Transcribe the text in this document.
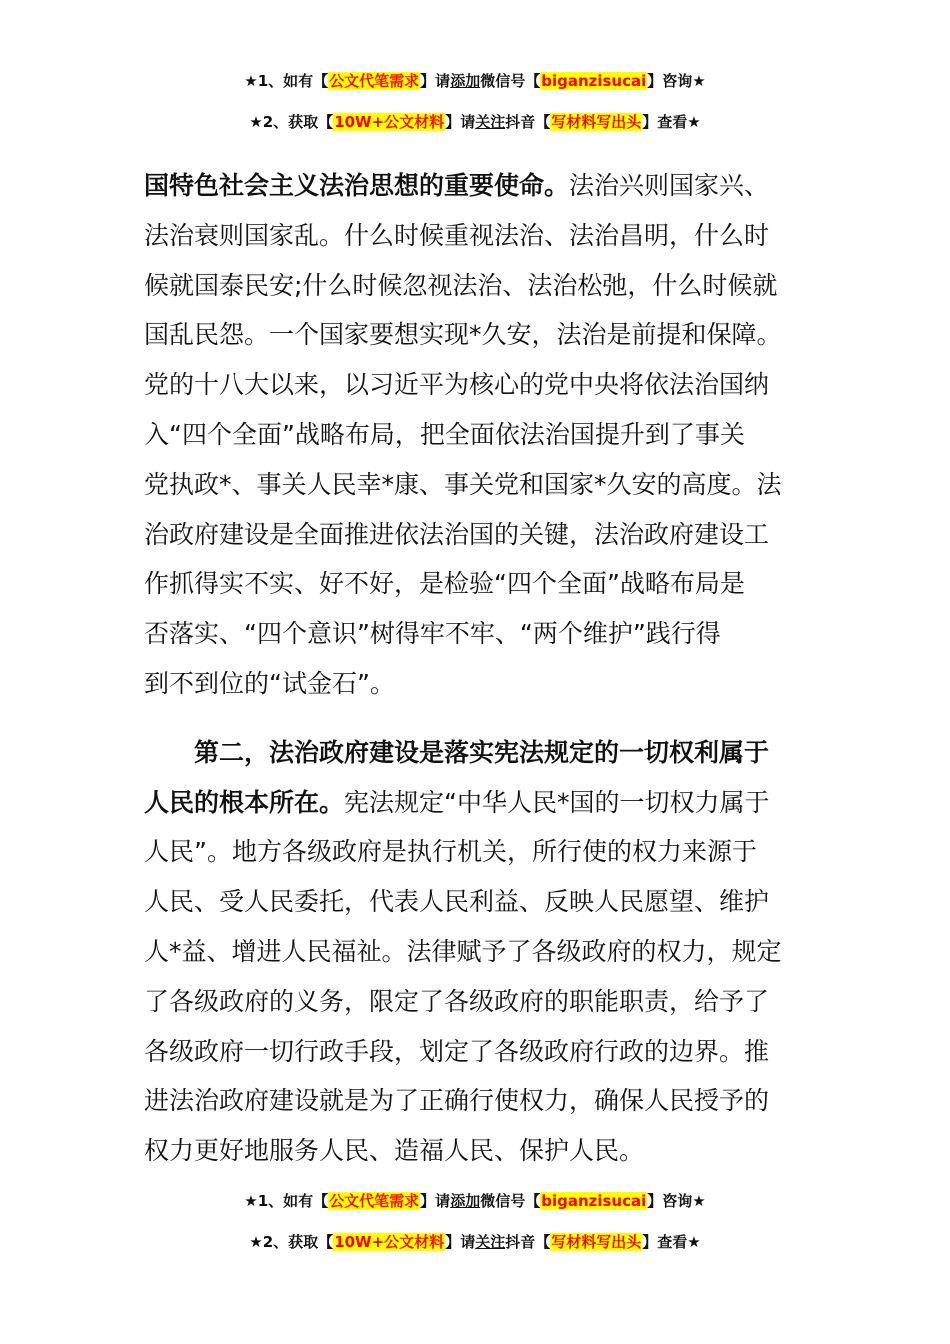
★1、如有【公文代笔需求】请添加微信号【biganzisucai】咨询★
★2、获取【10W+公文材料】请关注抖音【写材料写出头】查看★

国特色社会主义法治思想的重要使命。法治兴则国家兴、
法治衰则国家乱。什么时候重视法治、法治昌明，什么时
候就国泰民安;什么时候忽视法治、法治松弛，什么时候就
国乱民怨。一个国家要想实现*久安，法治是前提和保障。
党的十八大以来，以习近平为核心的党中央将依法治国纳
入“四个全面”战略布局，把全面依法治国提升到了事关
党执政*、事关人民幸*康、事关党和国家*久安的高度。法
治政府建设是全面推进依法治国的关键，法治政府建设工
作抓得实不实、好不好，是检验“四个全面”战略布局是
否落实、“四个意识”树得牢不牢、“两个维护”践行得
到不到位的“试金石”。

第二，法治政府建设是落实宪法规定的一切权利属于
人民的根本所在。宪法规定“中华人民*国的一切权力属于
人民”。地方各级政府是执行机关，所行使的权力来源于
人民、受人民委托，代表人民利益、反映人民愿望、维护
人*益、增进人民福祉。法律赋予了各级政府的权力，规定
了各级政府的义务，限定了各级政府的职能职责，给予了
各级政府一切行政手段，划定了各级政府行政的边界。推
进法治政府建设就是为了正确行使权力，确保人民授予的
权力更好地服务人民、造福人民、保护人民。

★1、如有【公文代笔需求】请添加微信号【biganzisucai】咨询★
★2、获取【10W+公文材料】请关注抖音【写材料写出头】查看★
